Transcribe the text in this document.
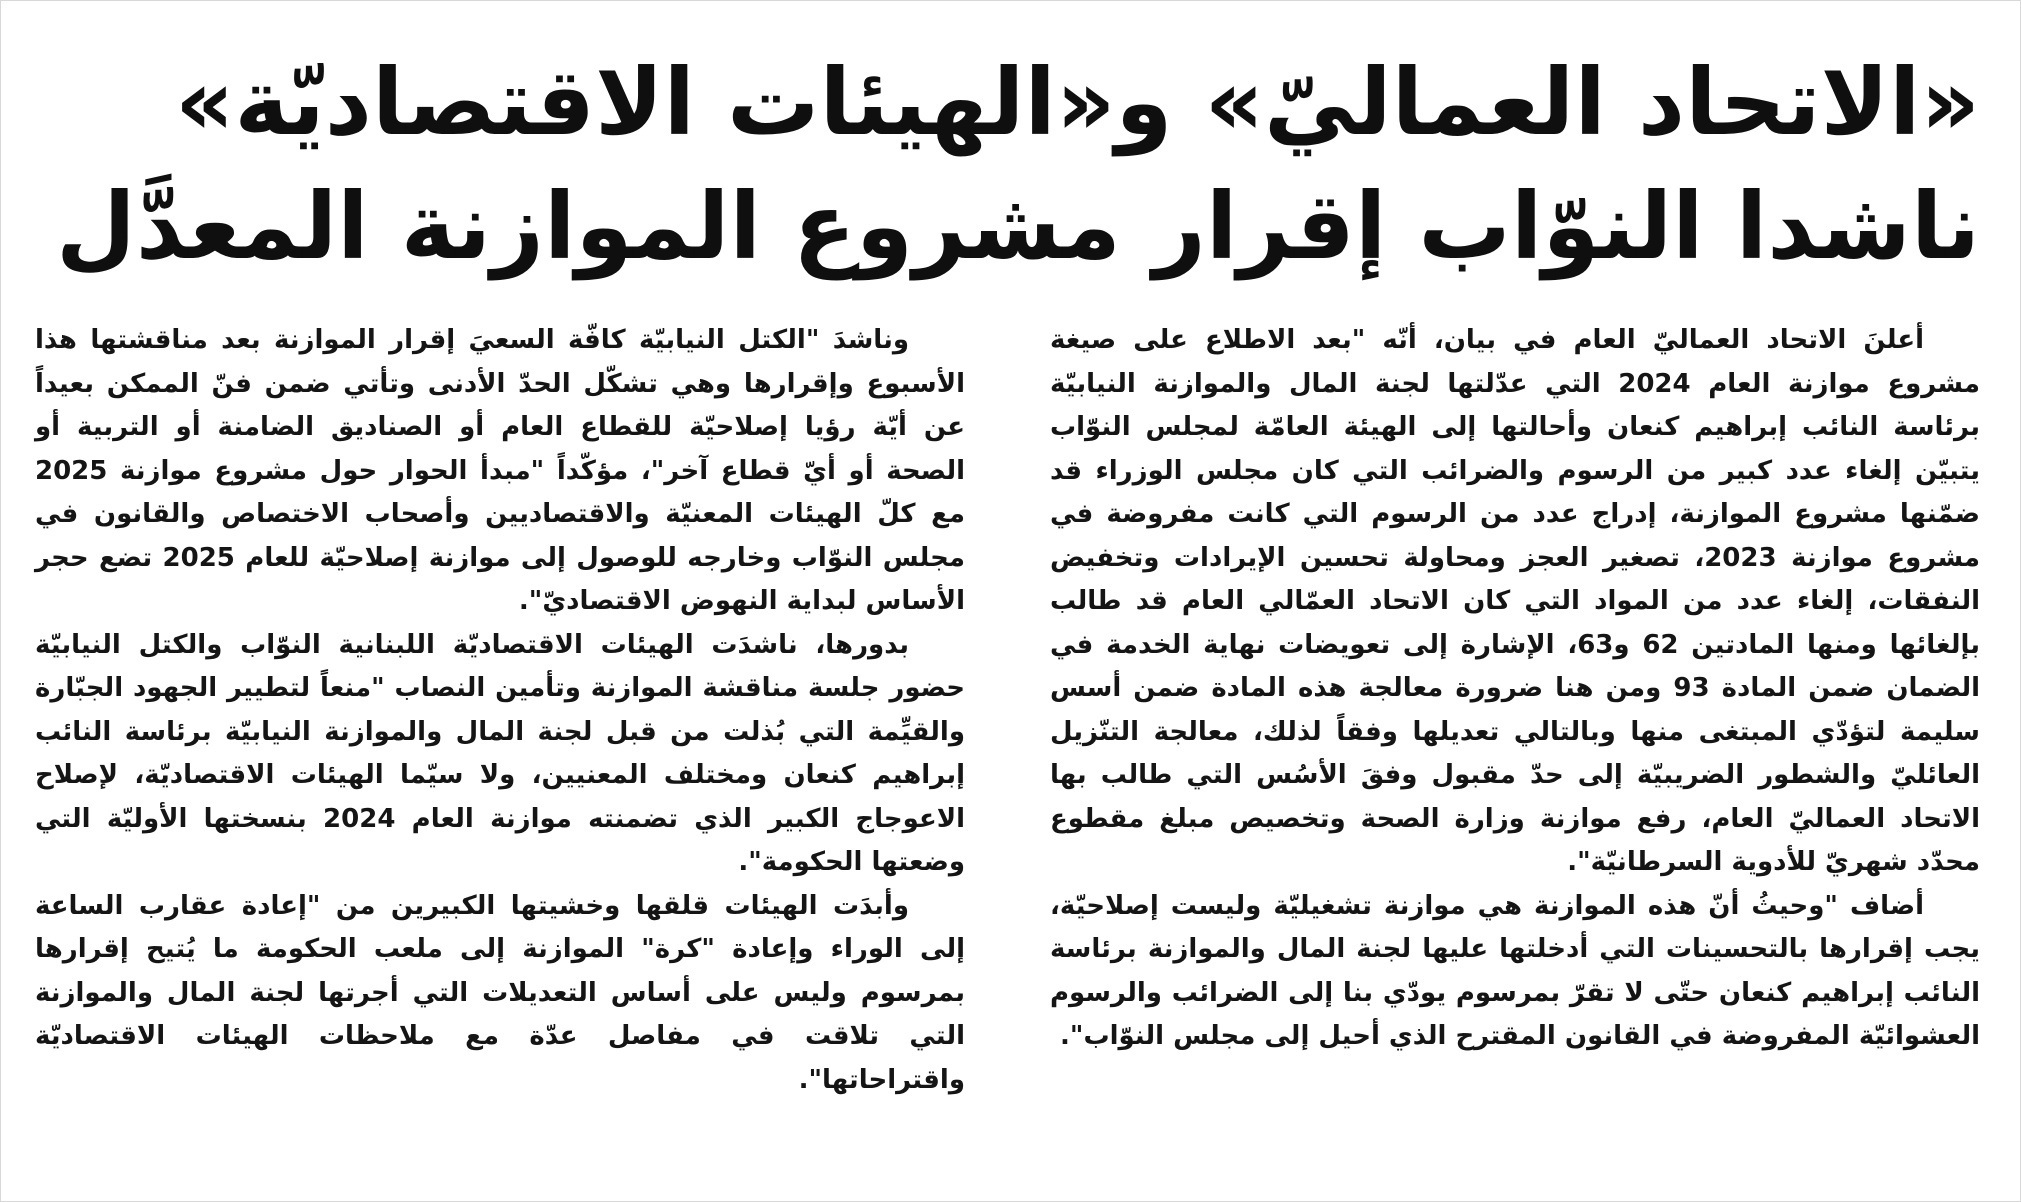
«الاتحاد العماليّ» و«الهيئات الاقتصاديّة»
ناشدا النوّاب إقرار مشروع الموازنة المعدَّل

أعلنَ الاتحاد العماليّ العام في بيان، أنّه "بعد الاطلاع على صيغة مشروع موازنة العام 2024 التي عدّلتها لجنة المال والموازنة النيابيّة برئاسة النائب إبراهيم كنعان وأحالتها إلى الهيئة العامّة لمجلس النوّاب يتبيّن إلغاء عدد كبير من الرسوم والضرائب التي كان مجلس الوزراء قد ضمّنها مشروع الموازنة، إدراج عدد من الرسوم التي كانت مفروضة في مشروع موازنة 2023، تصغير العجز ومحاولة تحسين الإيرادات وتخفيض النفقات، إلغاء عدد من المواد التي كان الاتحاد العمّالي العام قد طالب بإلغائها ومنها المادتين 62 و63، الإشارة إلى تعويضات نهاية الخدمة في الضمان ضمن المادة 93 ومن هنا ضرورة معالجة هذه المادة ضمن أسس سليمة لتؤدّي المبتغى منها وبالتالي تعديلها وفقاً لذلك، معالجة التنّزيل العائليّ والشطور الضريبيّة إلى حدّ مقبول وفقَ الأسُس التي طالب بها الاتحاد العماليّ العام، رفع موازنة وزارة الصحة وتخصيص مبلغ مقطوع محدّد شهريّ للأدوية السرطانيّة".

أضاف "وحيثُ أنّ هذه الموازنة هي موازنة تشغيليّة وليست إصلاحيّة، يجب إقرارها بالتحسينات التي أدخلتها عليها لجنة المال والموازنة برئاسة النائب إبراهيم كنعان حتّى لا تقرّ بمرسوم يودّي بنا إلى الضرائب والرسوم العشوائيّة المفروضة في القانون المقترح الذي أحيل إلى مجلس النوّاب".

وناشدَ "الكتل النيابيّة كافّة السعيَ إقرار الموازنة بعد مناقشتها هذا الأسبوع وإقرارها وهي تشكّل الحدّ الأدنى وتأتي ضمن فنّ الممكن بعيداً عن أيّة رؤيا إصلاحيّة للقطاع العام أو الصناديق الضامنة أو التربية أو الصحة أو أيّ قطاع آخر"، مؤكّداً "مبدأ الحوار حول مشروع موازنة 2025 مع كلّ الهيئات المعنيّة والاقتصاديين وأصحاب الاختصاص والقانون في مجلس النوّاب وخارجه للوصول إلى موازنة إصلاحيّة للعام 2025 تضع حجر الأساس لبداية النهوض الاقتصاديّ".

بدورها، ناشدَت الهيئات الاقتصاديّة اللبنانية النوّاب والكتل النيابيّة حضور جلسة مناقشة الموازنة وتأمين النصاب "منعاً لتطيير الجهود الجبّارة والقيِّمة التي بُذلت من قبل لجنة المال والموازنة النيابيّة برئاسة النائب إبراهيم كنعان ومختلف المعنيين، ولا سيّما الهيئات الاقتصاديّة، لإصلاح الاعوجاج الكبير الذي تضمنته موازنة العام 2024 بنسختها الأوليّة التي وضعتها الحكومة".

وأبدَت الهيئات قلقها وخشيتها الكبيرين من "إعادة عقارب الساعة إلى الوراء وإعادة "كرة" الموازنة إلى ملعب الحكومة ما يُتيح إقرارها بمرسوم وليس على أساس التعديلات التي أجرتها لجنة المال والموازنة التي تلاقت في مفاصل عدّة مع ملاحظات الهيئات الاقتصاديّة واقتراحاتها".
